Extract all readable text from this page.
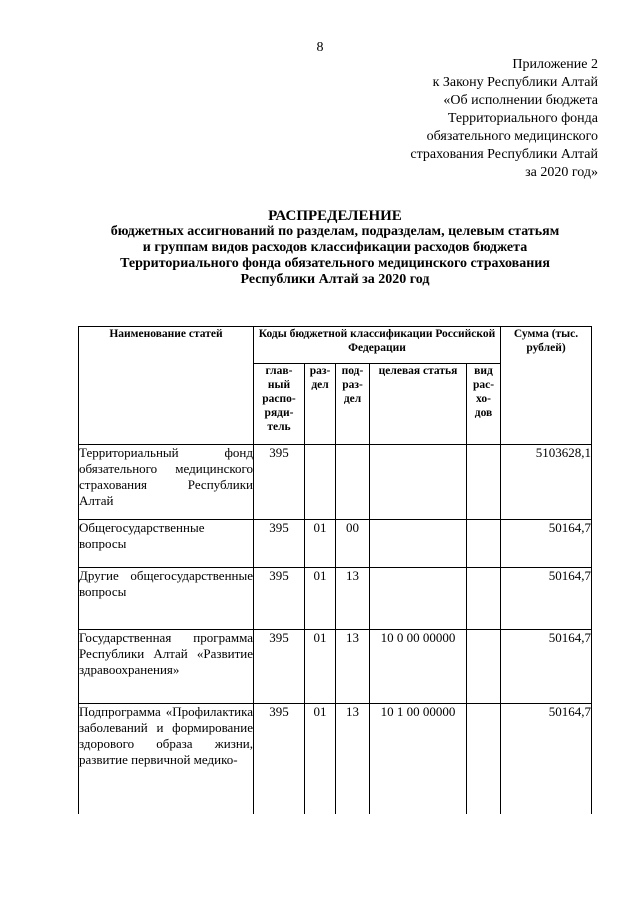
8
Приложение 2
к Закону Республики Алтай
«Об исполнении бюджета
Территориального фонда
обязательного медицинского
страхования Республики Алтай
за 2020 год»
РАСПРЕДЕЛЕНИЕ
бюджетных ассигнований по разделам, подразделам, целевым статьям
и группам видов расходов классификации расходов бюджета
Территориального фонда обязательного медицинского страхования
Республики Алтай за 2020 год
Наименование статей	Коды бюджетной классификации Российской Федерации					Сумма (тыс. рублей)
	глав- ный распо- ряди- тель	раз- дел	под- раз- дел	целевая статья	вид рас- хо- дов	
Территориальный фонд обязательного медицинского страхования Республики Алтай	395					5103628,1
Общегосударственные вопросы	395	01	00			50164,7
Другие общегосударственные вопросы	395	01	13			50164,7
Государственная программа Республики Алтай «Развитие здравоохранения»	395	01	13	10 0 00 00000		50164,7
Подпрограмма «Профилактика заболеваний и формирование здорового образа жизни, развитие первичной медико-	395	01	13	10 1 00 00000		50164,7
